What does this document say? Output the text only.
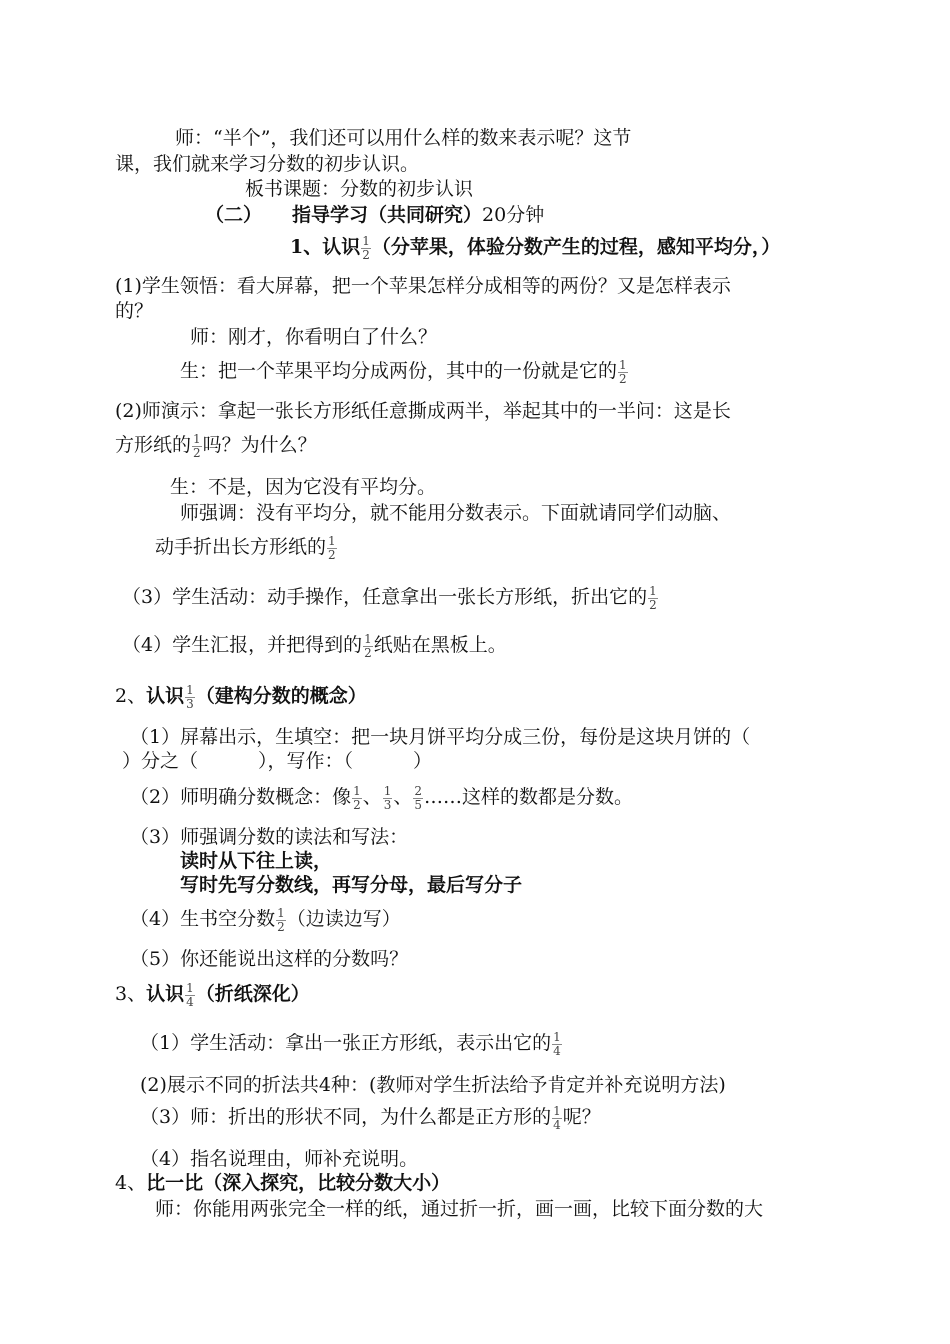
师：“半个”，我们还可以用什么样的数来表示呢？这节
课，我们就来学习分数的初步认识。
板书课题：分数的初步认识
（二） 指导学习（共同研究）20分钟
1、认识 $\frac{1}{2}$ （分苹果，体验分数产生的过程，感知平均分，）
(1)学生领悟：看大屏幕，把一个苹果怎样分成相等的两份？又是怎样表示
的？
师：刚才，你看明白了什么？
生：把一个苹果平均分成两份，其中的一份就是它的 $\frac{1}{2}$
(2)师演示：拿起一张长方形纸任意撕成两半，举起其中的一半问：这是长
方形纸的 $\frac{1}{2}$ 吗？为什么？
生：不是，因为它没有平均分。
师强调：没有平均分，就不能用分数表示。下面就请同学们动脑、
动手折出长方形纸的 $\frac{1}{2}$
（3）学生活动：动手操作，任意拿出一张长方形纸，折出它的 $\frac{1}{2}$
（4）学生汇报，并把得到的 $\frac{1}{2}$ 纸贴在黑板上。
2、认识 $\frac{1}{3}$ （建构分数的概念）
（1）屏幕出示，生填空：把一块月饼平均分成三份，每份是这块月饼的（
）分之（	），写作：（	）
（2）师明确分数概念：像 $\frac{1}{2}$ 、 $\frac{1}{3}$ 、 $\frac{2}{5}$ ……这样的数都是分数。
（3）师强调分数的读法和写法：
读时从下往上读，
写时先写分数线，再写分母，最后写分子
（4）生书空分数 $\frac{1}{2}$ （边读边写）
（5）你还能说出这样的分数吗？
3、认识 $\frac{1}{4}$ （折纸深化）
（1）学生活动：拿出一张正方形纸，表示出它的 $\frac{1}{4}$
(2)展示不同的折法共4种：(教师对学生折法给予肯定并补充说明方法)
（3）师：折出的形状不同，为什么都是正方形的 $\frac{1}{4}$ 呢？
（4）指名说理由，师补充说明。
4、比一比（深入探究，比较分数大小）
师：你能用两张完全一样的纸，通过折一折，画一画，比较下面分数的大
